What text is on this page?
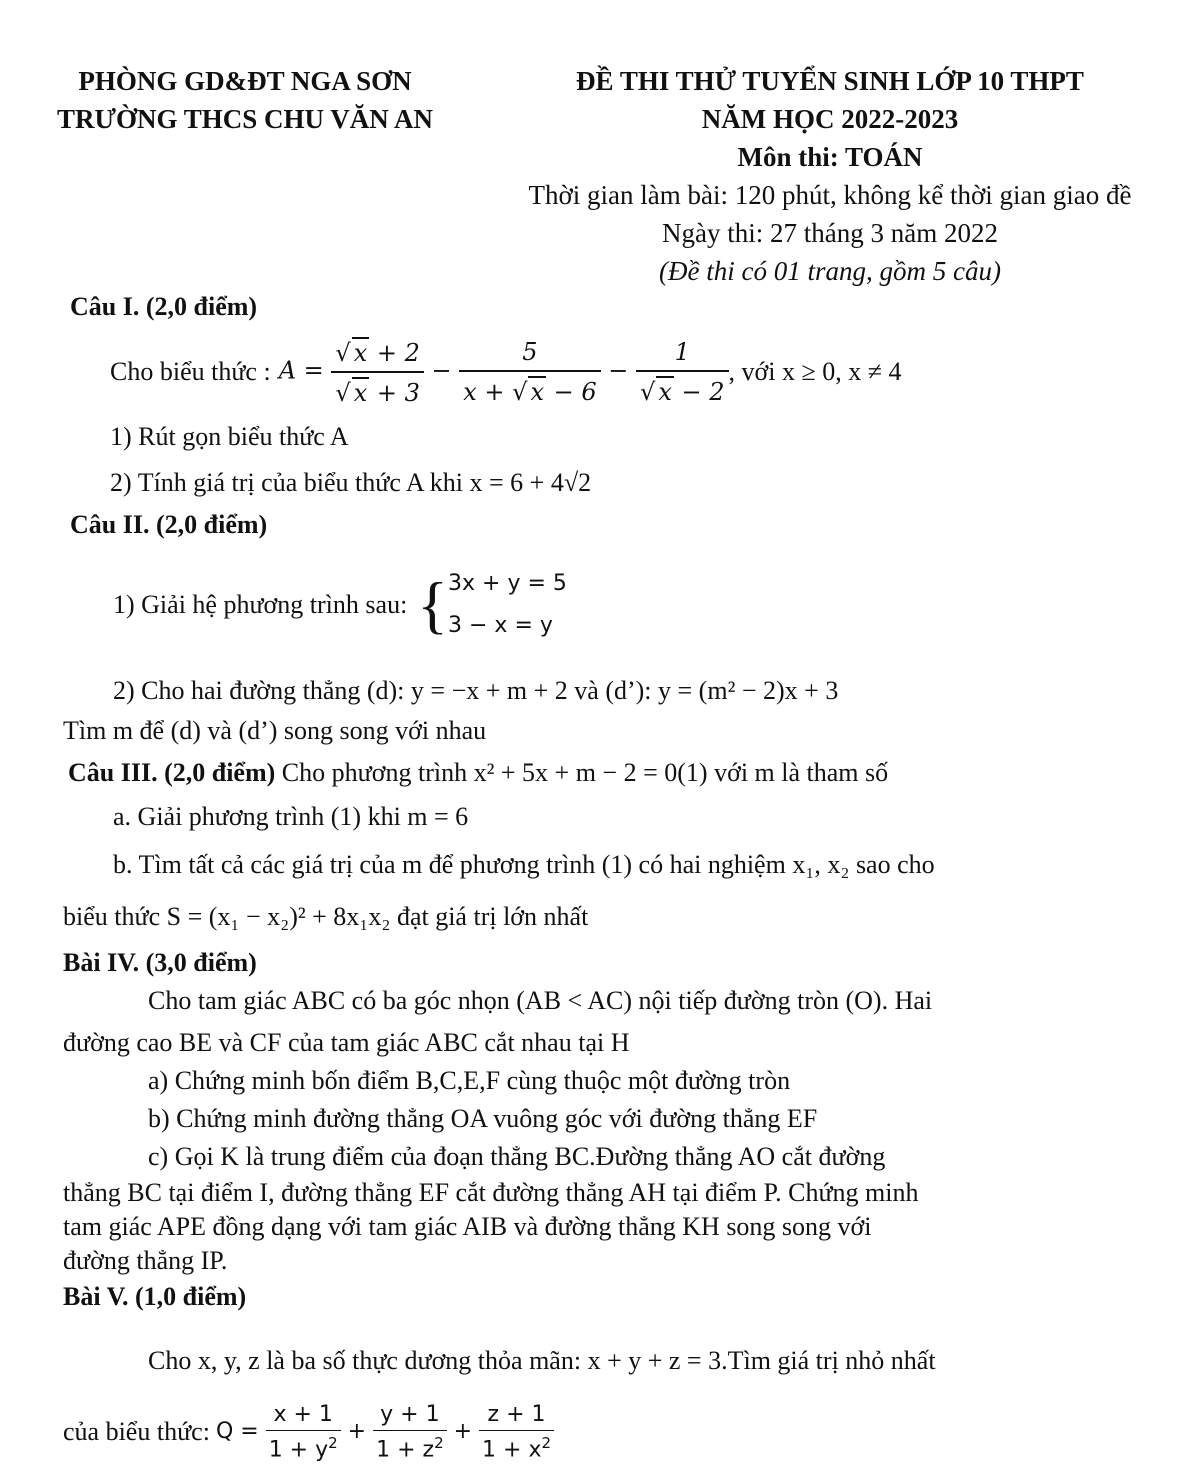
PHÒNG GD&ĐT NGA SƠN
TRƯỜNG THCS CHU VĂN AN
ĐỀ THI THỬ TUYỂN SINH LỚP 10 THPT
NĂM HỌC 2022-2023
Môn thi: TOÁN
Thời gian làm bài: 120 phút, không kể thời gian giao đề
Ngày thi: 27 tháng 3 năm 2022
(Đề thi có 01 trang, gồm 5 câu)
Câu I. (2,0 điểm)
Cho biểu thức : $A = \frac{√ x + 2}{√ x + 3} - \frac{5}{x + √ x - 6} - \frac{1}{√ x - 2}$ , với x ≥ 0, x ≠ 4
1) Rút gọn biểu thức A
2) Tính giá trị của biểu thức A khi x = 6 + 4√2
Câu II. (2,0 điểm)
1) Giải hệ phương trình sau: { 3x + y = 5
3 − x = y
2) Cho hai đường thẳng (d): y = −x + m + 2 và (d’): y = (m² − 2)x + 3
Tìm m để (d) và (d’) song song với nhau
Câu III. (2,0 điểm) Cho phương trình x² + 5x + m − 2 = 0(1) với m là tham số
a. Giải phương trình (1) khi m = 6
b. Tìm tất cả các giá trị của m để phương trình (1) có hai nghiệm x₁, x₂ sao cho
biểu thức S = (x₁ − x₂)² + 8x₁x₂ đạt giá trị lớn nhất
Bài IV. (3,0 điểm)
Cho tam giác ABC có ba góc nhọn (AB < AC) nội tiếp đường tròn (O). Hai
đường cao BE và CF của tam giác ABC cắt nhau tại H
a) Chứng minh bốn điểm B,C,E,F cùng thuộc một đường tròn
b) Chứng minh đường thẳng OA vuông góc với đường thẳng EF
c) Gọi K là trung điểm của đoạn thẳng BC.Đường thẳng AO cắt đường
thẳng BC tại điểm I, đường thẳng EF cắt đường thẳng AH tại điểm P. Chứng minh
tam giác APE đồng dạng với tam giác AIB và đường thẳng KH song song với
đường thẳng IP.
Bài V. (1,0 điểm)
Cho x, y, z là ba số thực dương thỏa mãn: x + y + z = 3.Tìm giá trị nhỏ nhất
của biểu thức: $Q = \frac{x + 1}{1 + y^2} + \frac{y + 1}{1 + z^2} + \frac{z + 1}{1 + x^2}$
